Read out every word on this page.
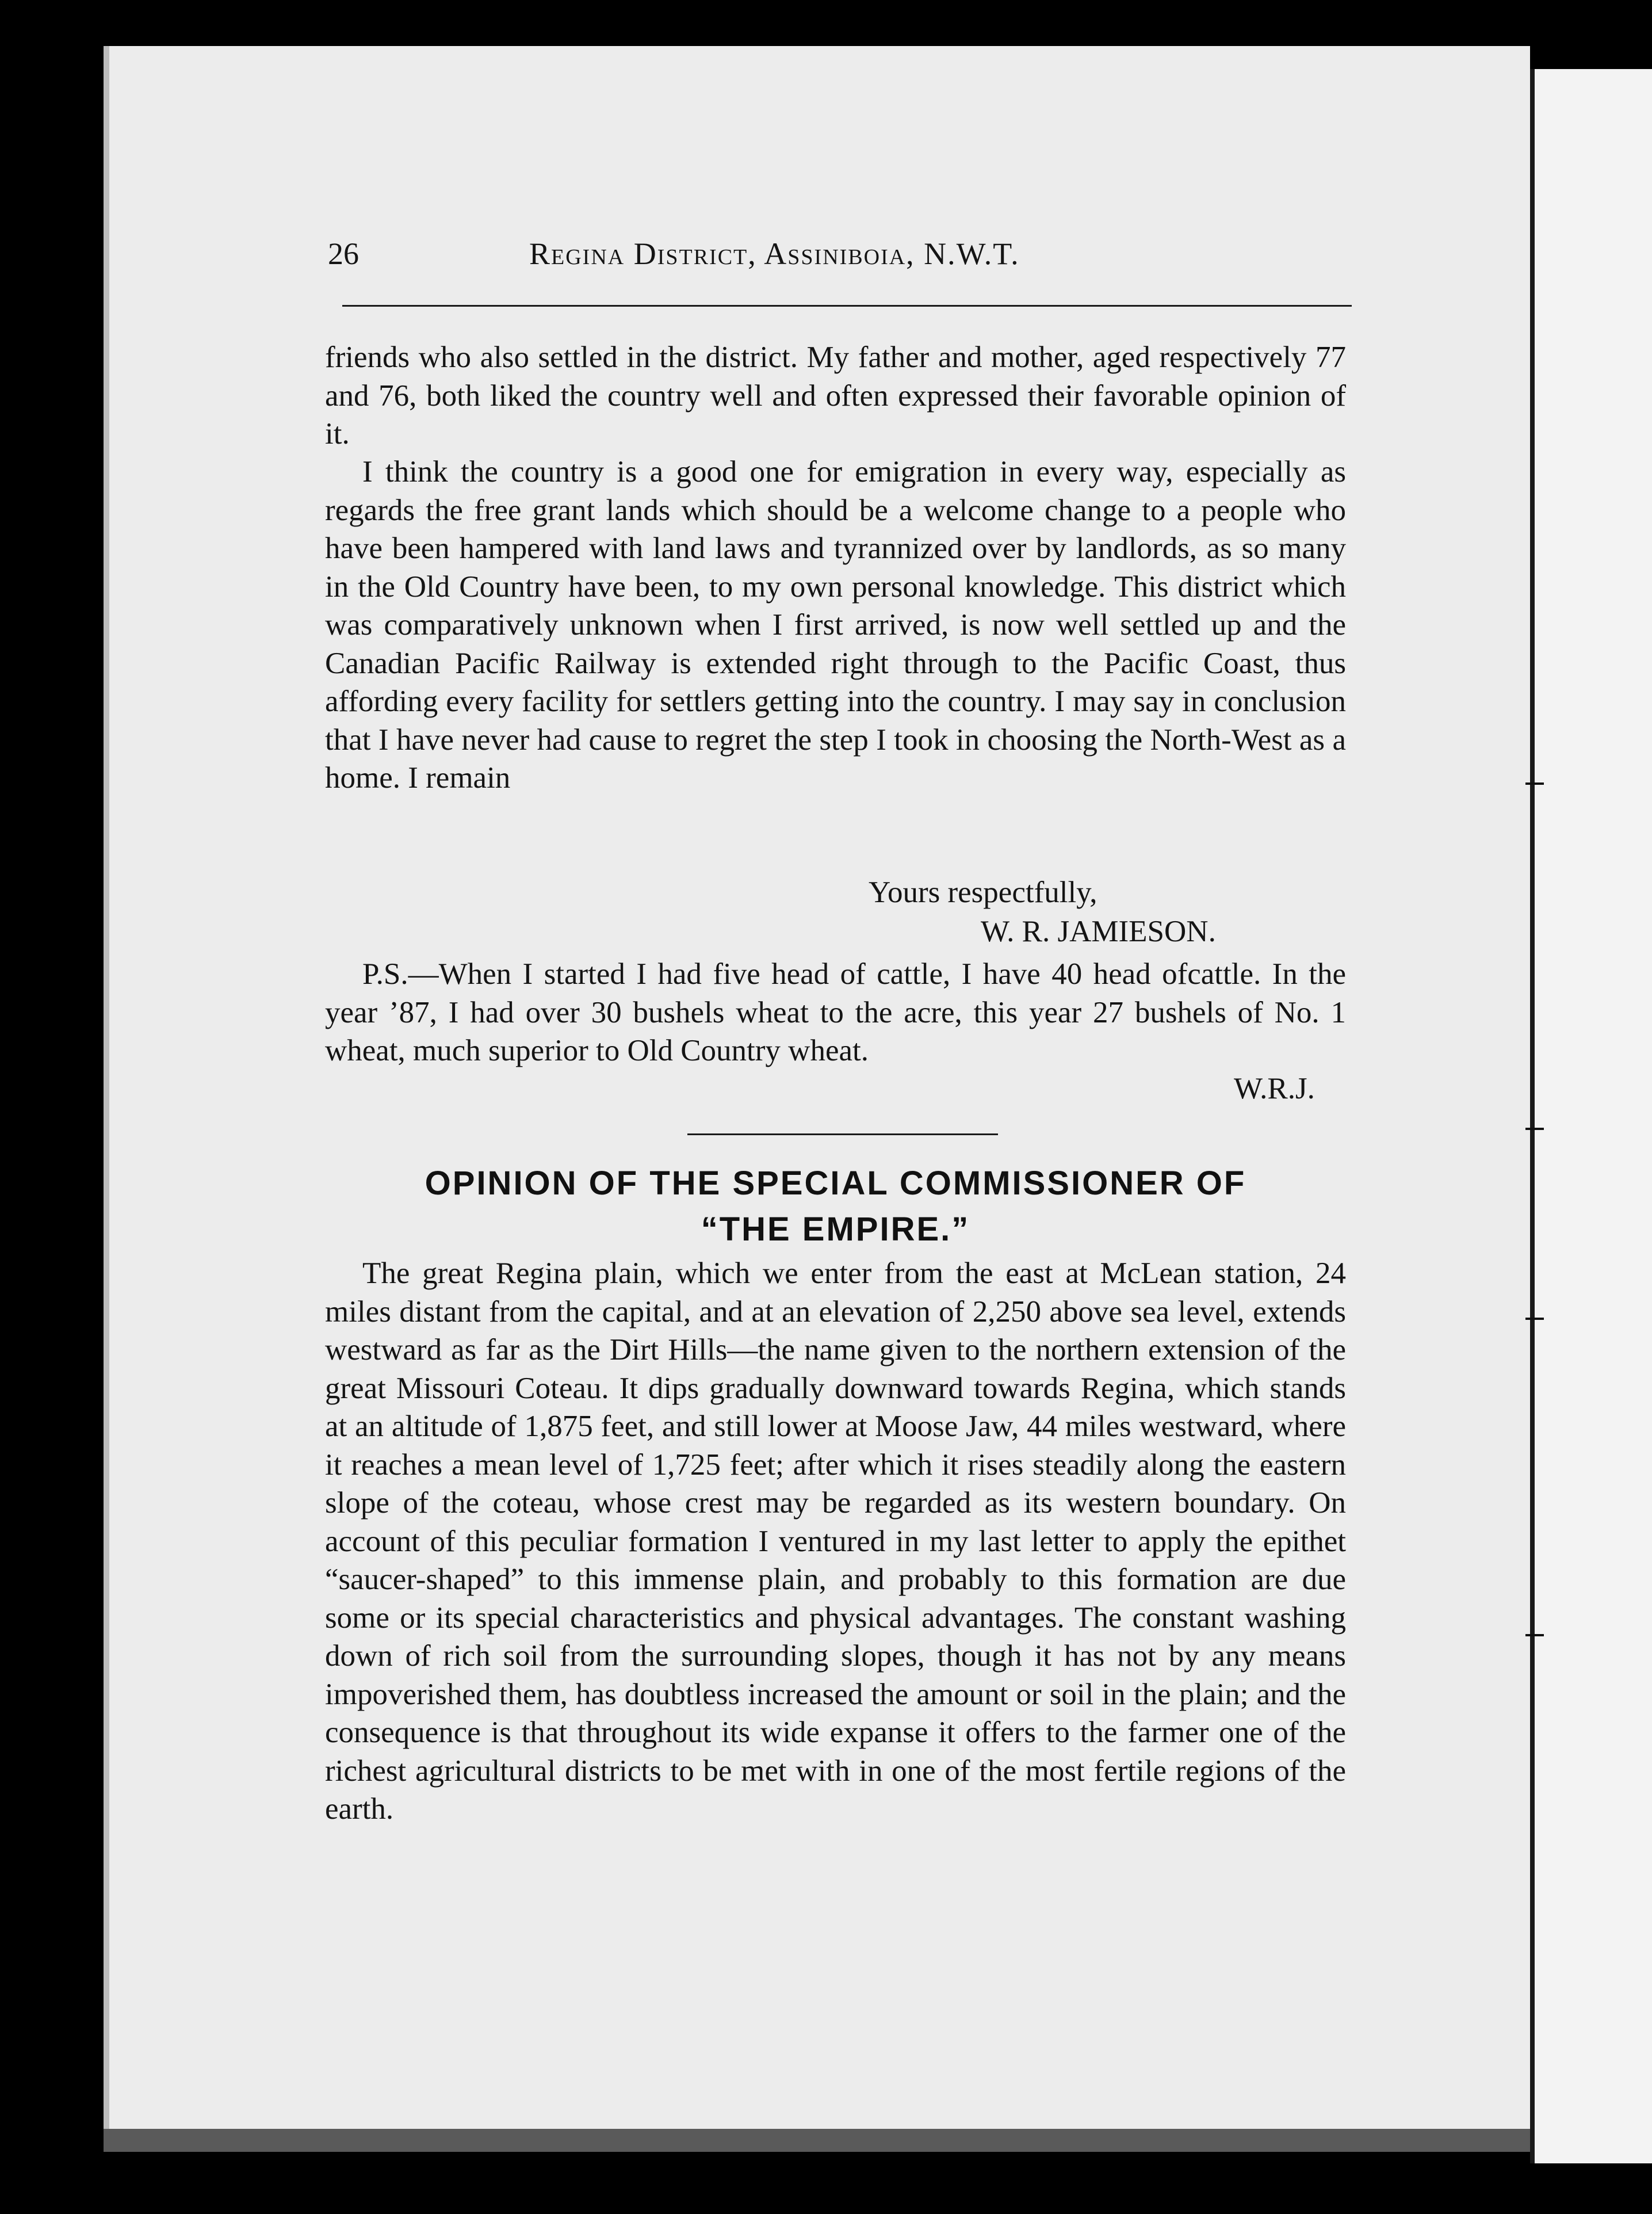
26	Regina District, Assiniboia, N.W.T.
friends who also settled in the district. My father and mother, aged respectively 77 and 76, both liked the country well and often expressed their favorable opinion of it.
I think the country is a good one for emigration in every way, especially as regards the free grant lands which should be a welcome change to a people who have been hampered with land laws and tyrannized over by landlords, as so many in the Old Country have been, to my own personal knowledge. This district which was comparatively unknown when I first arrived, is now well settled up and the Canadian Pacific Railway is extended right through to the Pacific Coast, thus affording every facility for settlers getting into the country. I may say in conclusion that I have never had cause to regret the step I took in choosing the North-West as a home. I remain
Yours respectfully,
W. R. JAMIESON.
P.S.—When I started I had five head of cattle, I have 40 head ofcattle. In the year ’87, I had over 30 bushels wheat to the acre, this year 27 bushels of No. 1 wheat, much superior to Old Country wheat.
W.R.J.
OPINION OF THE SPECIAL COMMISSIONER OF
“THE EMPIRE.”
The great Regina plain, which we enter from the east at McLean station, 24 miles distant from the capital, and at an elevation of 2,250 above sea level, extends westward as far as the Dirt Hills—the name given to the northern extension of the great Missouri Coteau. It dips gradually downward towards Regina, which stands at an altitude of 1,875 feet, and still lower at Moose Jaw, 44 miles westward, where it reaches a mean level of 1,725 feet; after which it rises steadily along the eastern slope of the coteau, whose crest may be regarded as its western boundary. On account of this peculiar formation I ventured in my last letter to apply the epithet “saucer-shaped” to this immense plain, and probably to this formation are due some or its special characteristics and physical advantages. The constant washing down of rich soil from the surrounding slopes, though it has not by any means impoverished them, has doubtless increased the amount or soil in the plain; and the consequence is that throughout its wide expanse it offers to the farmer one of the richest agricultural districts to be met with in one of the most fertile regions of the earth.
